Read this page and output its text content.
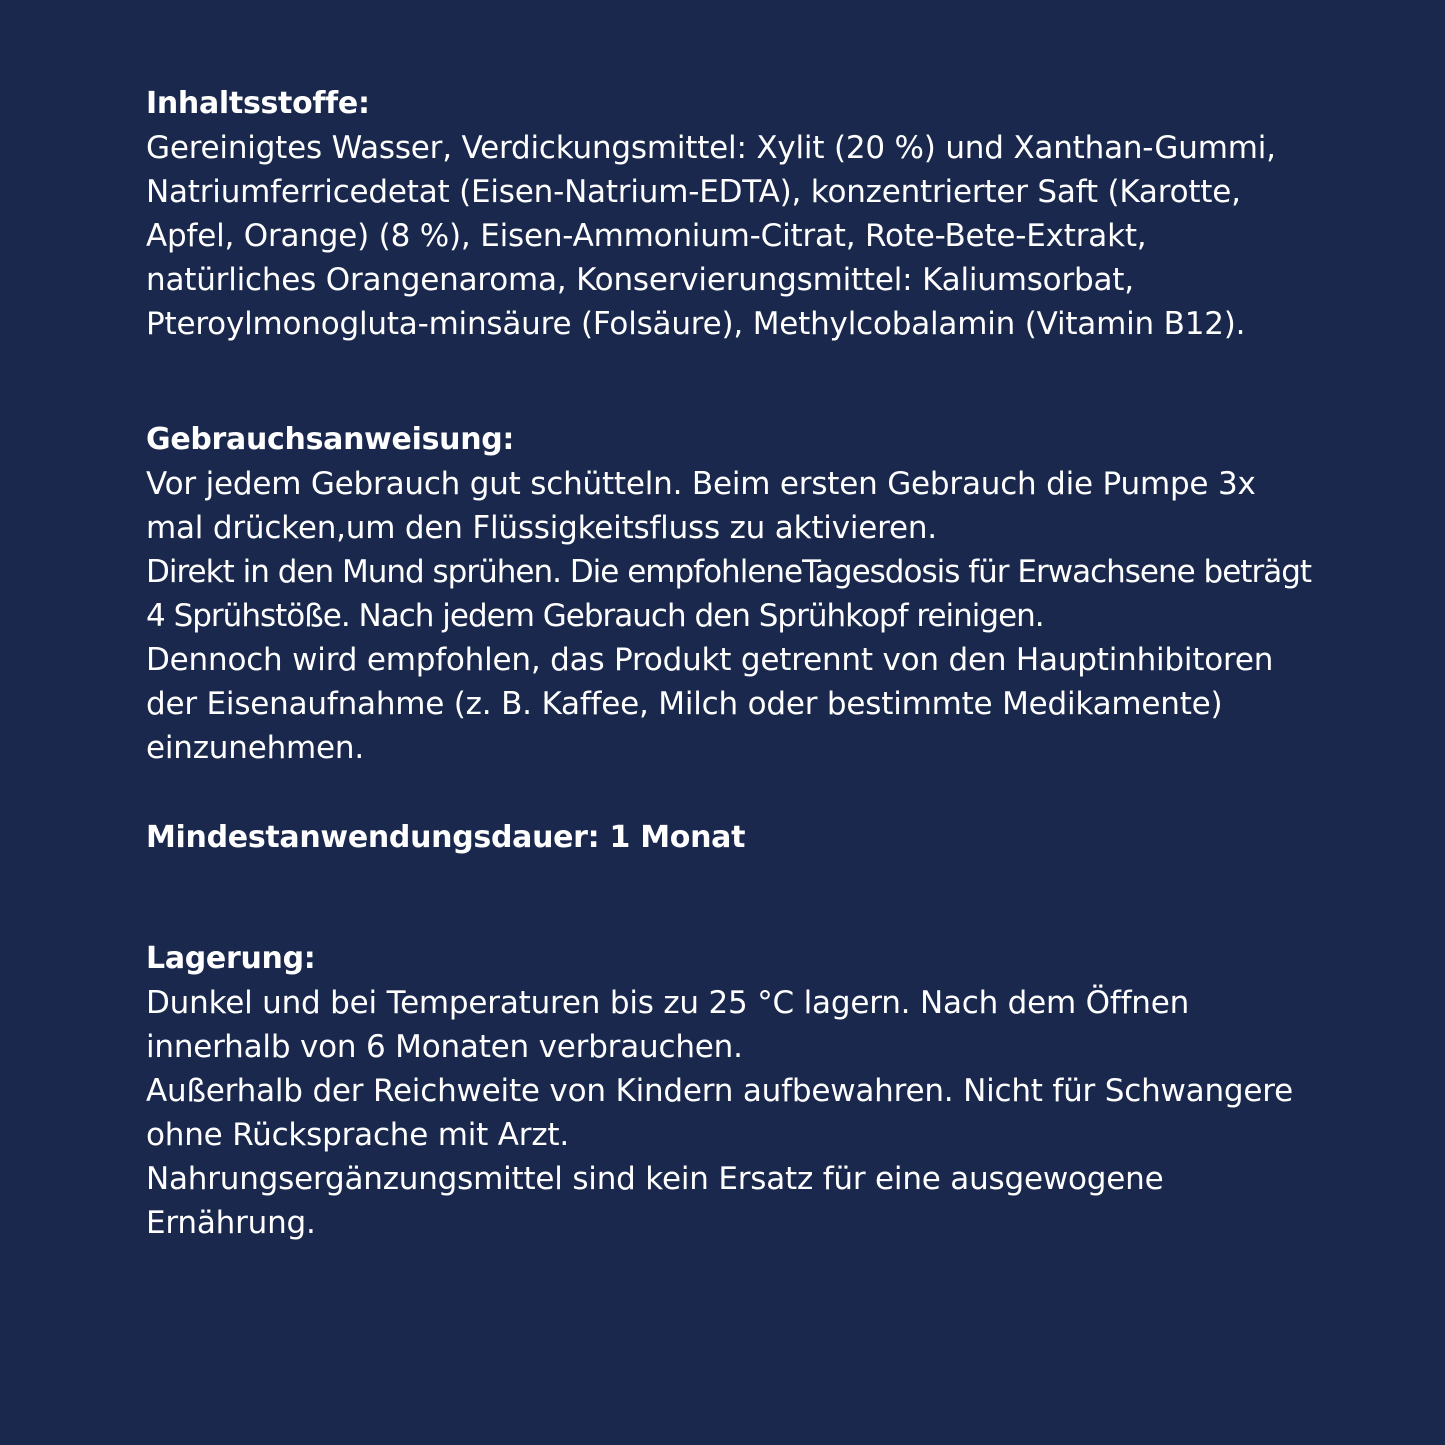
Inhaltsstoffe:

Gereinigtes Wasser, Verdickungsmittel: Xylit (20 %) und Xanthan-Gummi, Natriumferricedetat (Eisen-Natrium-EDTA), konzentrierter Saft (Karotte, Apfel, Orange) (8 %), Eisen-Ammonium-Citrat, Rote-Bete-Extrakt, natürliches Orangenaroma, Konservierungsmittel: Kaliumsorbat, Pteroylmonogluta-minsäure (Folsäure), Methylcobalamin (Vitamin B12).

Gebrauchsanweisung:

Vor jedem Gebrauch gut schütteln. Beim ersten Gebrauch die Pumpe 3x mal drücken,um den Flüssigkeitsfluss zu aktivieren.

Direkt in den Mund sprühen. Die empfohleneTagesdosis für Erwachsene beträgt 4 Sprühstöße. Nach jedem Gebrauch den Sprühkopf reinigen.

Dennoch wird empfohlen, das Produkt getrennt von den Hauptinhibitoren der Eisenaufnahme (z. B. Kaffee, Milch oder bestimmte Medikamente) einzunehmen.

Mindestanwendungsdauer: 1 Monat

Lagerung:

Dunkel und bei Temperaturen bis zu 25 °C lagern. Nach dem Öffnen innerhalb von 6 Monaten verbrauchen.

Außerhalb der Reichweite von Kindern aufbewahren. Nicht für Schwangere ohne Rücksprache mit Arzt.

Nahrungsergänzungsmittel sind kein Ersatz für eine ausgewogene Ernährung.
